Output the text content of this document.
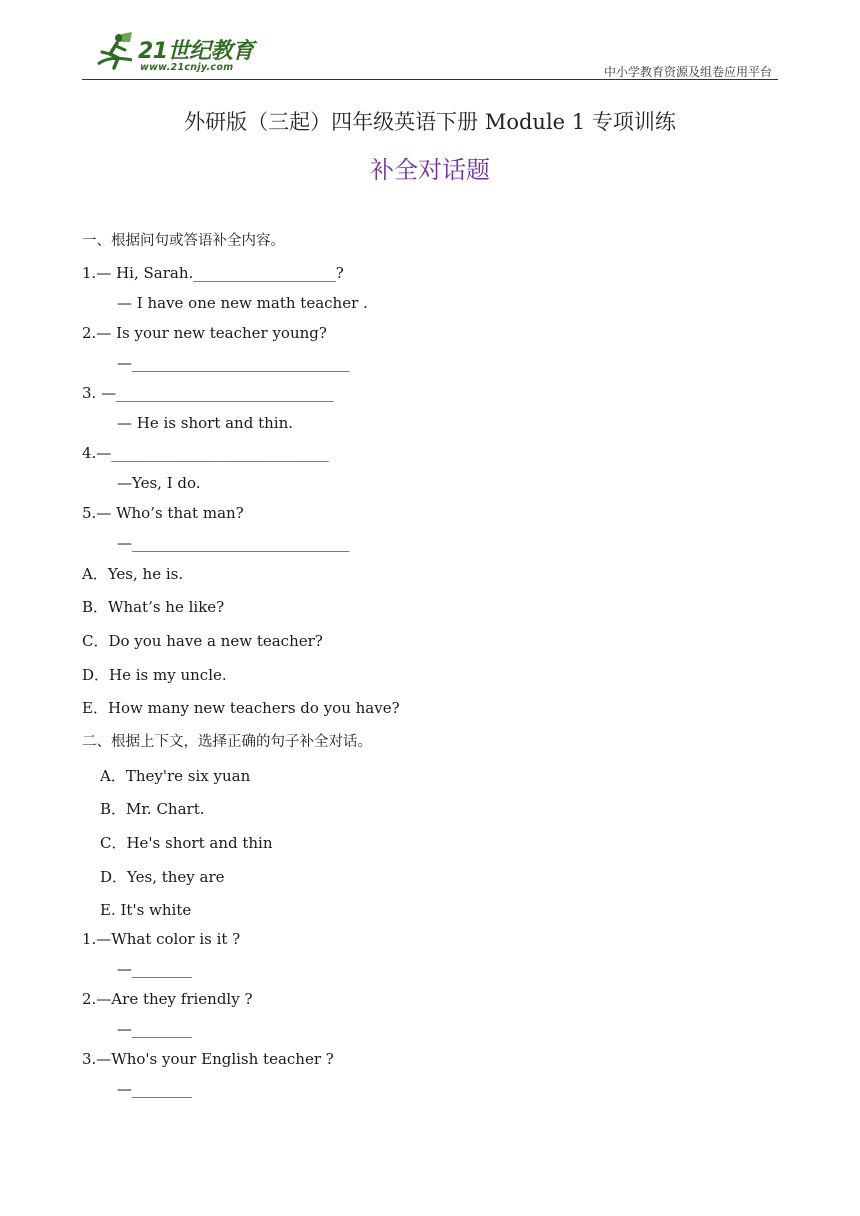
21世纪教育
www.21cnjy.com	中小学教育资源及组卷应用平台
外研版（三起）四年级英语下册 Module 1 专项训练
补全对话题
一、根据问句或答语补全内容。
1.— Hi, Sarah.___________________?
— I have one new math teacher .
2.— Is your new teacher young?
—_____________________________
3. —_____________________________
— He is short and thin.
4.—_____________________________
—Yes, I do.
5.— Who’s that man?
—_____________________________
A．Yes, he is.
B．What’s he like?
C．Do you have a new teacher?
D．He is my uncle.
E．How many new teachers do you have?
二、根据上下文，选择正确的句子补全对话。
A．They're six yuan
B．Mr. Chart.
C．He's short and thin
D．Yes, they are
E. It's white
1.—What color is it ?
—________
2.—Are they friendly ?
—________
3.—Who's your English teacher ?
—________
